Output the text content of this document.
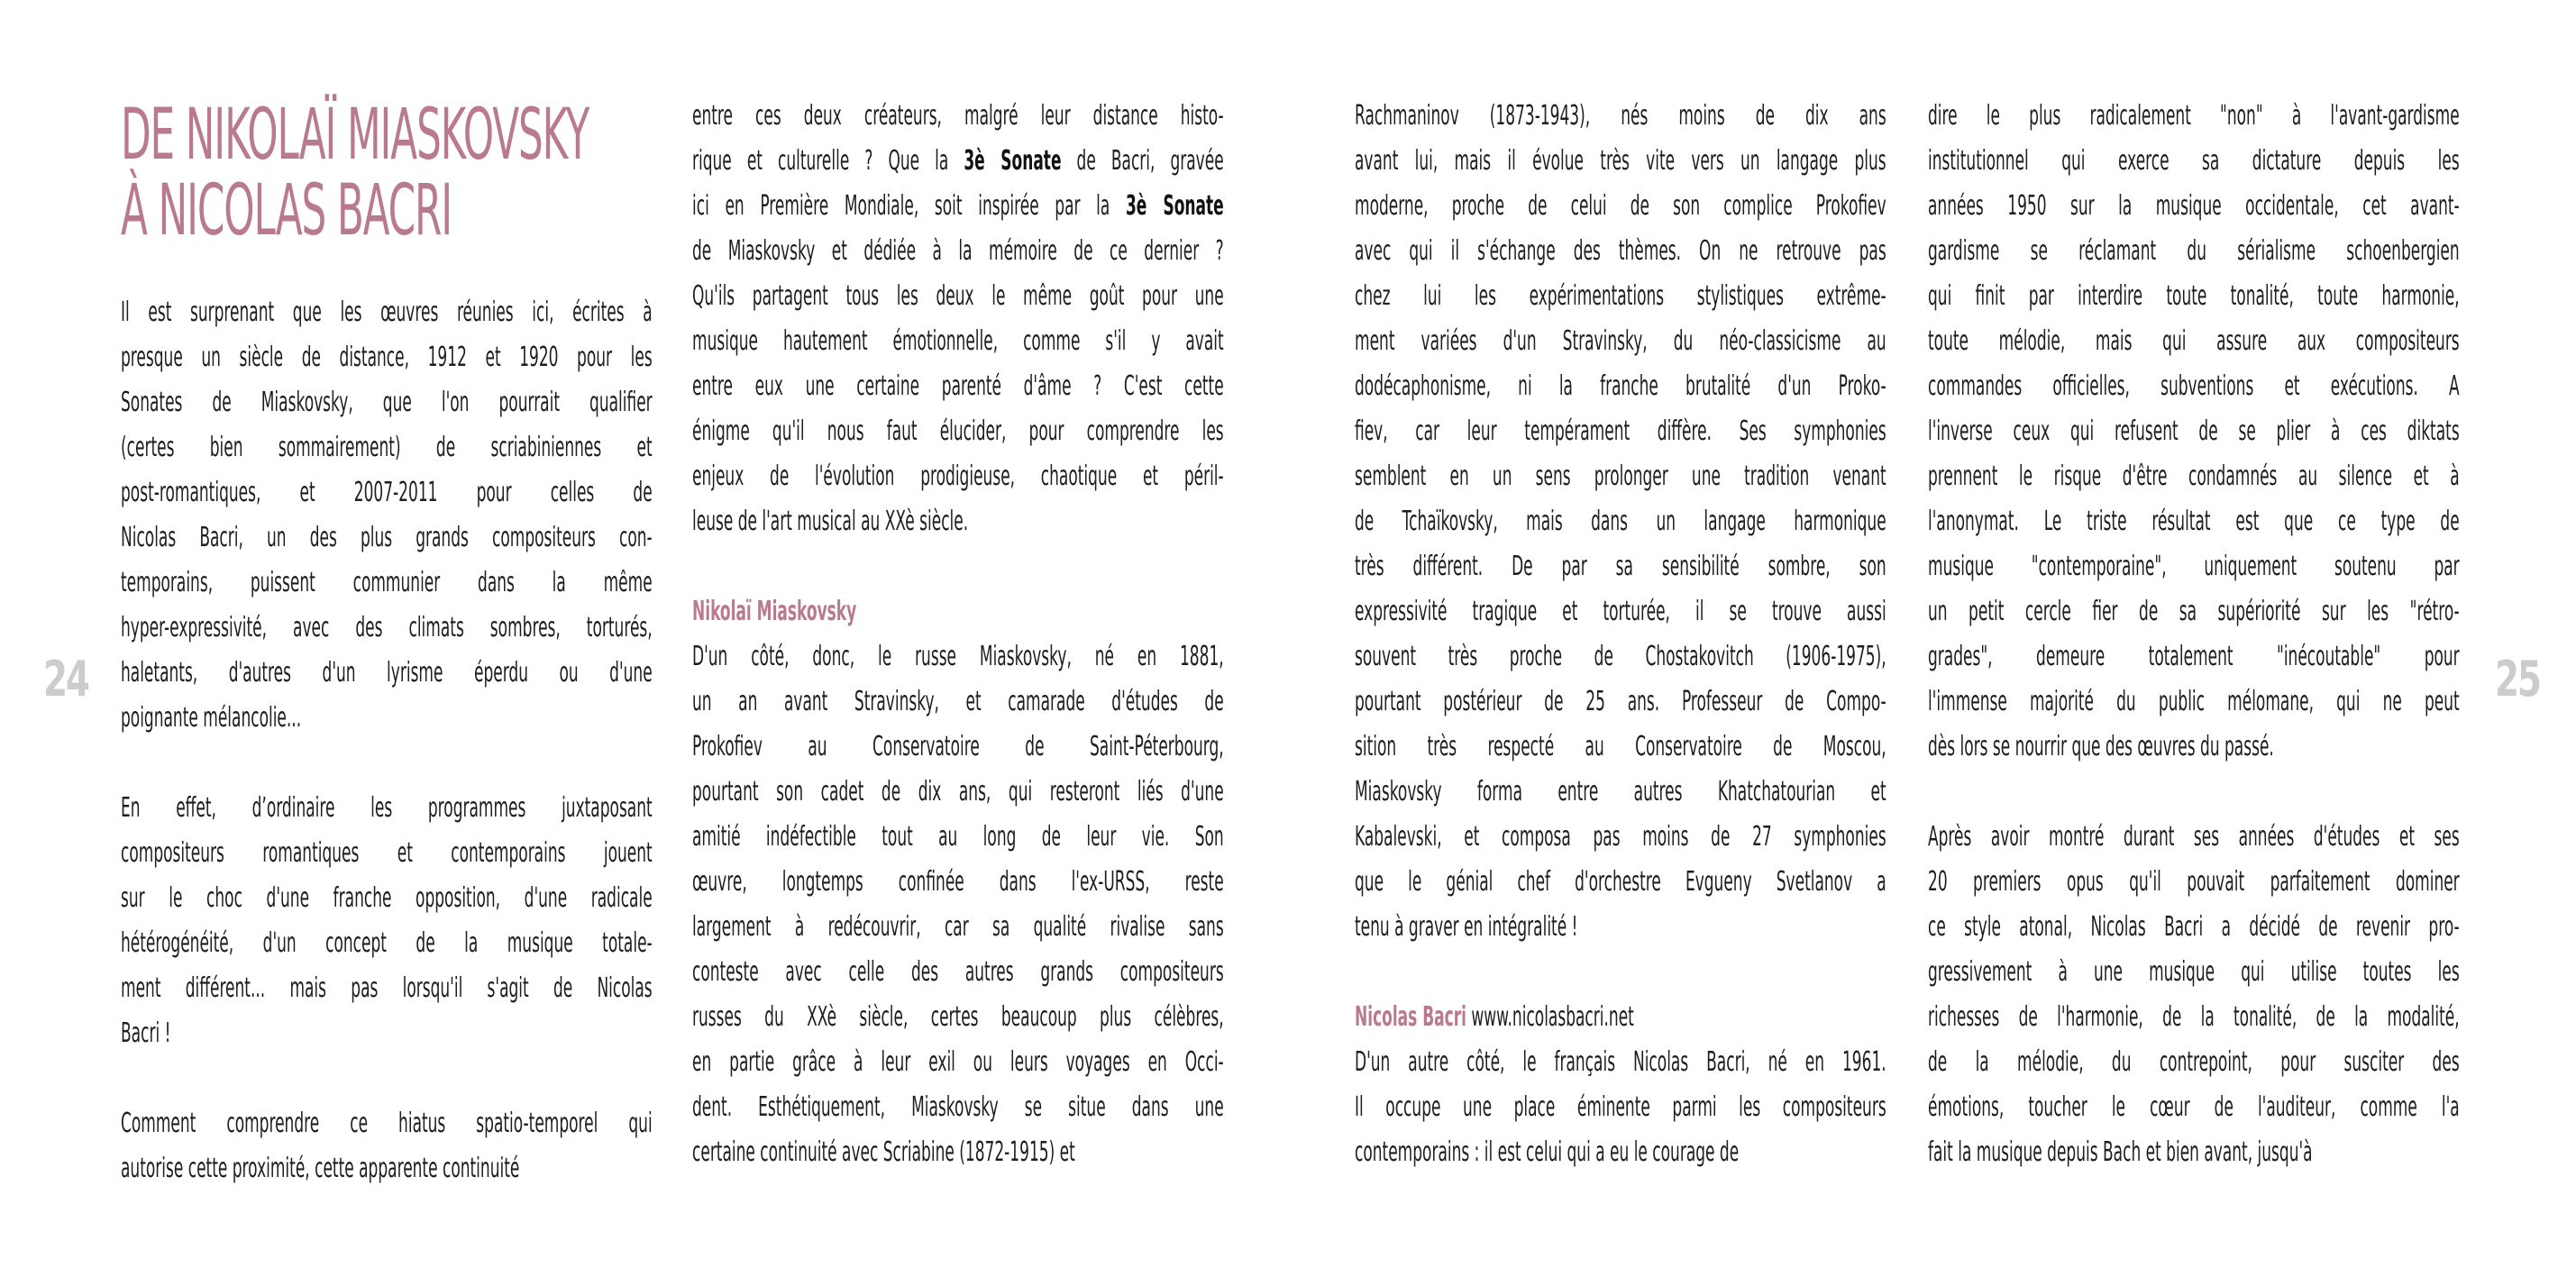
24	25
DE NIKOLAÏ MIASKOVSKY
À NICOLAS BACRI

Il est surprenant que les œuvres réunies ici, écrites à
presque un siècle de distance, 1912 et 1920 pour les
Sonates de Miaskovsky, que l'on pourrait qualifier
(certes bien sommairement) de scriabiniennes et
post-romantiques, et 2007-2011 pour celles de
Nicolas Bacri, un des plus grands compositeurs con-
temporains, puissent communier dans la même
hyper-expressivité, avec des climats sombres, torturés,
haletants, d'autres d'un lyrisme éperdu ou d'une
poignante mélancolie...

En effet, d’ordinaire les programmes juxtaposant
compositeurs romantiques et contemporains jouent
sur le choc d'une franche opposition, d'une radicale
hétérogénéité, d'un concept de la musique totale-
ment différent... mais pas lorsqu'il s'agit de Nicolas
Bacri !

Comment comprendre ce hiatus spatio-temporel qui
autorise cette proximité, cette apparente continuité

entre ces deux créateurs, malgré leur distance histo-
rique et culturelle ? Que la 3è Sonate de Bacri, gravée
ici en Première Mondiale, soit inspirée par la 3è Sonate
de Miaskovsky et dédiée à la mémoire de ce dernier ?
Qu'ils partagent tous les deux le même goût pour une
musique hautement émotionnelle, comme s'il y avait
entre eux une certaine parenté d'âme ? C'est cette
énigme qu'il nous faut élucider, pour comprendre les
enjeux de l'évolution prodigieuse, chaotique et péril-
leuse de l'art musical au XXè siècle.

Nikolaï Miaskovsky

D'un côté, donc, le russe Miaskovsky, né en 1881,
un an avant Stravinsky, et camarade d'études de
Prokofiev au Conservatoire de Saint-Péterbourg,
pourtant son cadet de dix ans, qui resteront liés d'une
amitié indéfectible tout au long de leur vie. Son
œuvre, longtemps confinée dans l'ex-URSS, reste
largement à redécouvrir, car sa qualité rivalise sans
conteste avec celle des autres grands compositeurs
russes du XXè siècle, certes beaucoup plus célèbres,
en partie grâce à leur exil ou leurs voyages en Occi-
dent. Esthétiquement, Miaskovsky se situe dans une
certaine continuité avec Scriabine (1872-1915) et

Rachmaninov (1873-1943), nés moins de dix ans
avant lui, mais il évolue très vite vers un langage plus
moderne, proche de celui de son complice Prokofiev
avec qui il s'échange des thèmes. On ne retrouve pas
chez lui les expérimentations stylistiques extrême-
ment variées d'un Stravinsky, du néo-classicisme au
dodécaphonisme, ni la franche brutalité d'un Proko-
fiev, car leur tempérament diffère. Ses symphonies
semblent en un sens prolonger une tradition venant
de Tchaïkovsky, mais dans un langage harmonique
très différent. De par sa sensibilité sombre, son
expressivité tragique et torturée, il se trouve aussi
souvent très proche de Chostakovitch (1906-1975),
pourtant postérieur de 25 ans. Professeur de Compo-
sition très respecté au Conservatoire de Moscou,
Miaskovsky forma entre autres Khatchatourian et
Kabalevski, et composa pas moins de 27 symphonies
que le génial chef d'orchestre Evgueny Svetlanov a
tenu à graver en intégralité !

Nicolas Bacri www.nicolasbacri.net

D'un autre côté, le français Nicolas Bacri, né en 1961.
Il occupe une place éminente parmi les compositeurs
contemporains : il est celui qui a eu le courage de

dire le plus radicalement "non" à l'avant-gardisme
institutionnel qui exerce sa dictature depuis les
années 1950 sur la musique occidentale, cet avant-
gardisme se réclamant du sérialisme schoenbergien
qui finit par interdire toute tonalité, toute harmonie,
toute mélodie, mais qui assure aux compositeurs
commandes officielles, subventions et exécutions. A
l'inverse ceux qui refusent de se plier à ces diktats
prennent le risque d'être condamnés au silence et à
l'anonymat. Le triste résultat est que ce type de
musique "contemporaine", uniquement soutenu par
un petit cercle fier de sa supériorité sur les "rétro-
grades", demeure totalement "inécoutable" pour
l'immense majorité du public mélomane, qui ne peut
dès lors se nourrir que des œuvres du passé.

Après avoir montré durant ses années d'études et ses
20 premiers opus qu'il pouvait parfaitement dominer
ce style atonal, Nicolas Bacri a décidé de revenir pro-
gressivement à une musique qui utilise toutes les
richesses de l'harmonie, de la tonalité, de la modalité,
de la mélodie, du contrepoint, pour susciter des
émotions, toucher le cœur de l'auditeur, comme l'a
fait la musique depuis Bach et bien avant, jusqu'à
